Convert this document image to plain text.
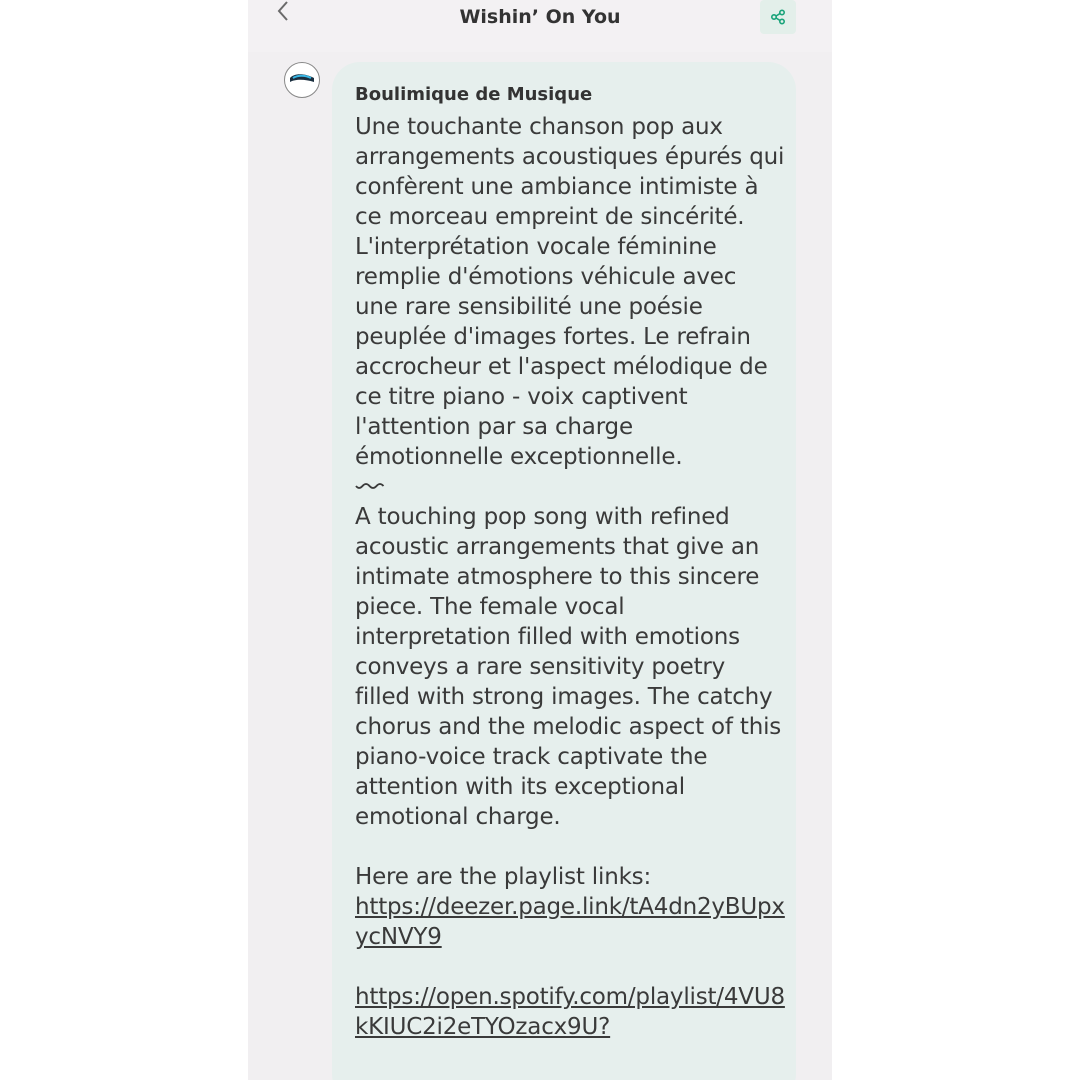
Wishin’ On You
Boulimique de Musique

Une touchante chanson pop aux arrangements acoustiques épurés qui confèrent une ambiance intimiste à ce morceau empreint de sincérité. L'interprétation vocale féminine remplie d'émotions véhicule avec une rare sensibilité une poésie peuplée d'images fortes. Le refrain accrocheur et l'aspect mélodique de ce titre piano - voix captivent l'attention par sa charge émotionnelle exceptionnelle.

A touching pop song with refined acoustic arrangements that give an intimate atmosphere to this sincere piece. The female vocal interpretation filled with emotions conveys a rare sensitivity poetry filled with strong images. The catchy chorus and the melodic aspect of this piano-voice track captivate the attention with its exceptional emotional charge.

Here are the playlist links:

https://deezer.page.link/tA4dn2yBUpxycNVY9

https://open.spotify.com/playlist/4VU8kKIUC2i2eTYOzacx9U?
